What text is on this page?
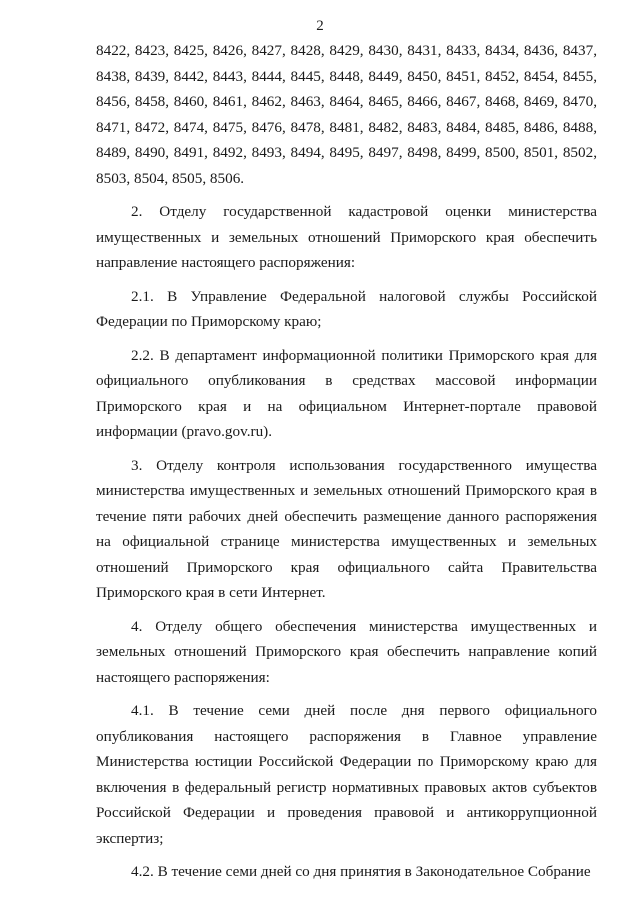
2

8422, 8423, 8425, 8426, 8427, 8428, 8429, 8430, 8431, 8433, 8434, 8436, 8437, 8438, 8439, 8442, 8443, 8444, 8445, 8448, 8449, 8450, 8451, 8452, 8454, 8455, 8456, 8458, 8460, 8461, 8462, 8463, 8464, 8465, 8466, 8467, 8468, 8469, 8470, 8471, 8472, 8474, 8475, 8476, 8478, 8481, 8482, 8483, 8484, 8485, 8486, 8488, 8489, 8490, 8491, 8492, 8493, 8494, 8495, 8497, 8498, 8499, 8500, 8501, 8502, 8503, 8504, 8505, 8506.

2. Отделу государственной кадастровой оценки министерства имущественных и земельных отношений Приморского края обеспечить направление настоящего распоряжения:

2.1. В Управление Федеральной налоговой службы Российской Федерации по Приморскому краю;

2.2. В департамент информационной политики Приморского края для официального опубликования в средствах массовой информации Приморского края и на официальном Интернет-портале правовой информации (pravo.gov.ru).

3. Отделу контроля использования государственного имущества министерства имущественных и земельных отношений Приморского края в течение пяти рабочих дней обеспечить размещение данного распоряжения на официальной странице министерства имущественных и земельных отношений Приморского края официального сайта Правительства Приморского края в сети Интернет.

4. Отделу общего обеспечения министерства имущественных и земельных отношений Приморского края обеспечить направление копий настоящего распоряжения:

4.1. В течение семи дней после дня первого официального опубликования настоящего распоряжения в Главное управление Министерства юстиции Российской Федерации по Приморскому краю для включения в федеральный регистр нормативных правовых актов субъектов Российской Федерации и проведения правовой и антикоррупционной экспертиз;

4.2. В течение семи дней со дня принятия в Законодательное Собрание
